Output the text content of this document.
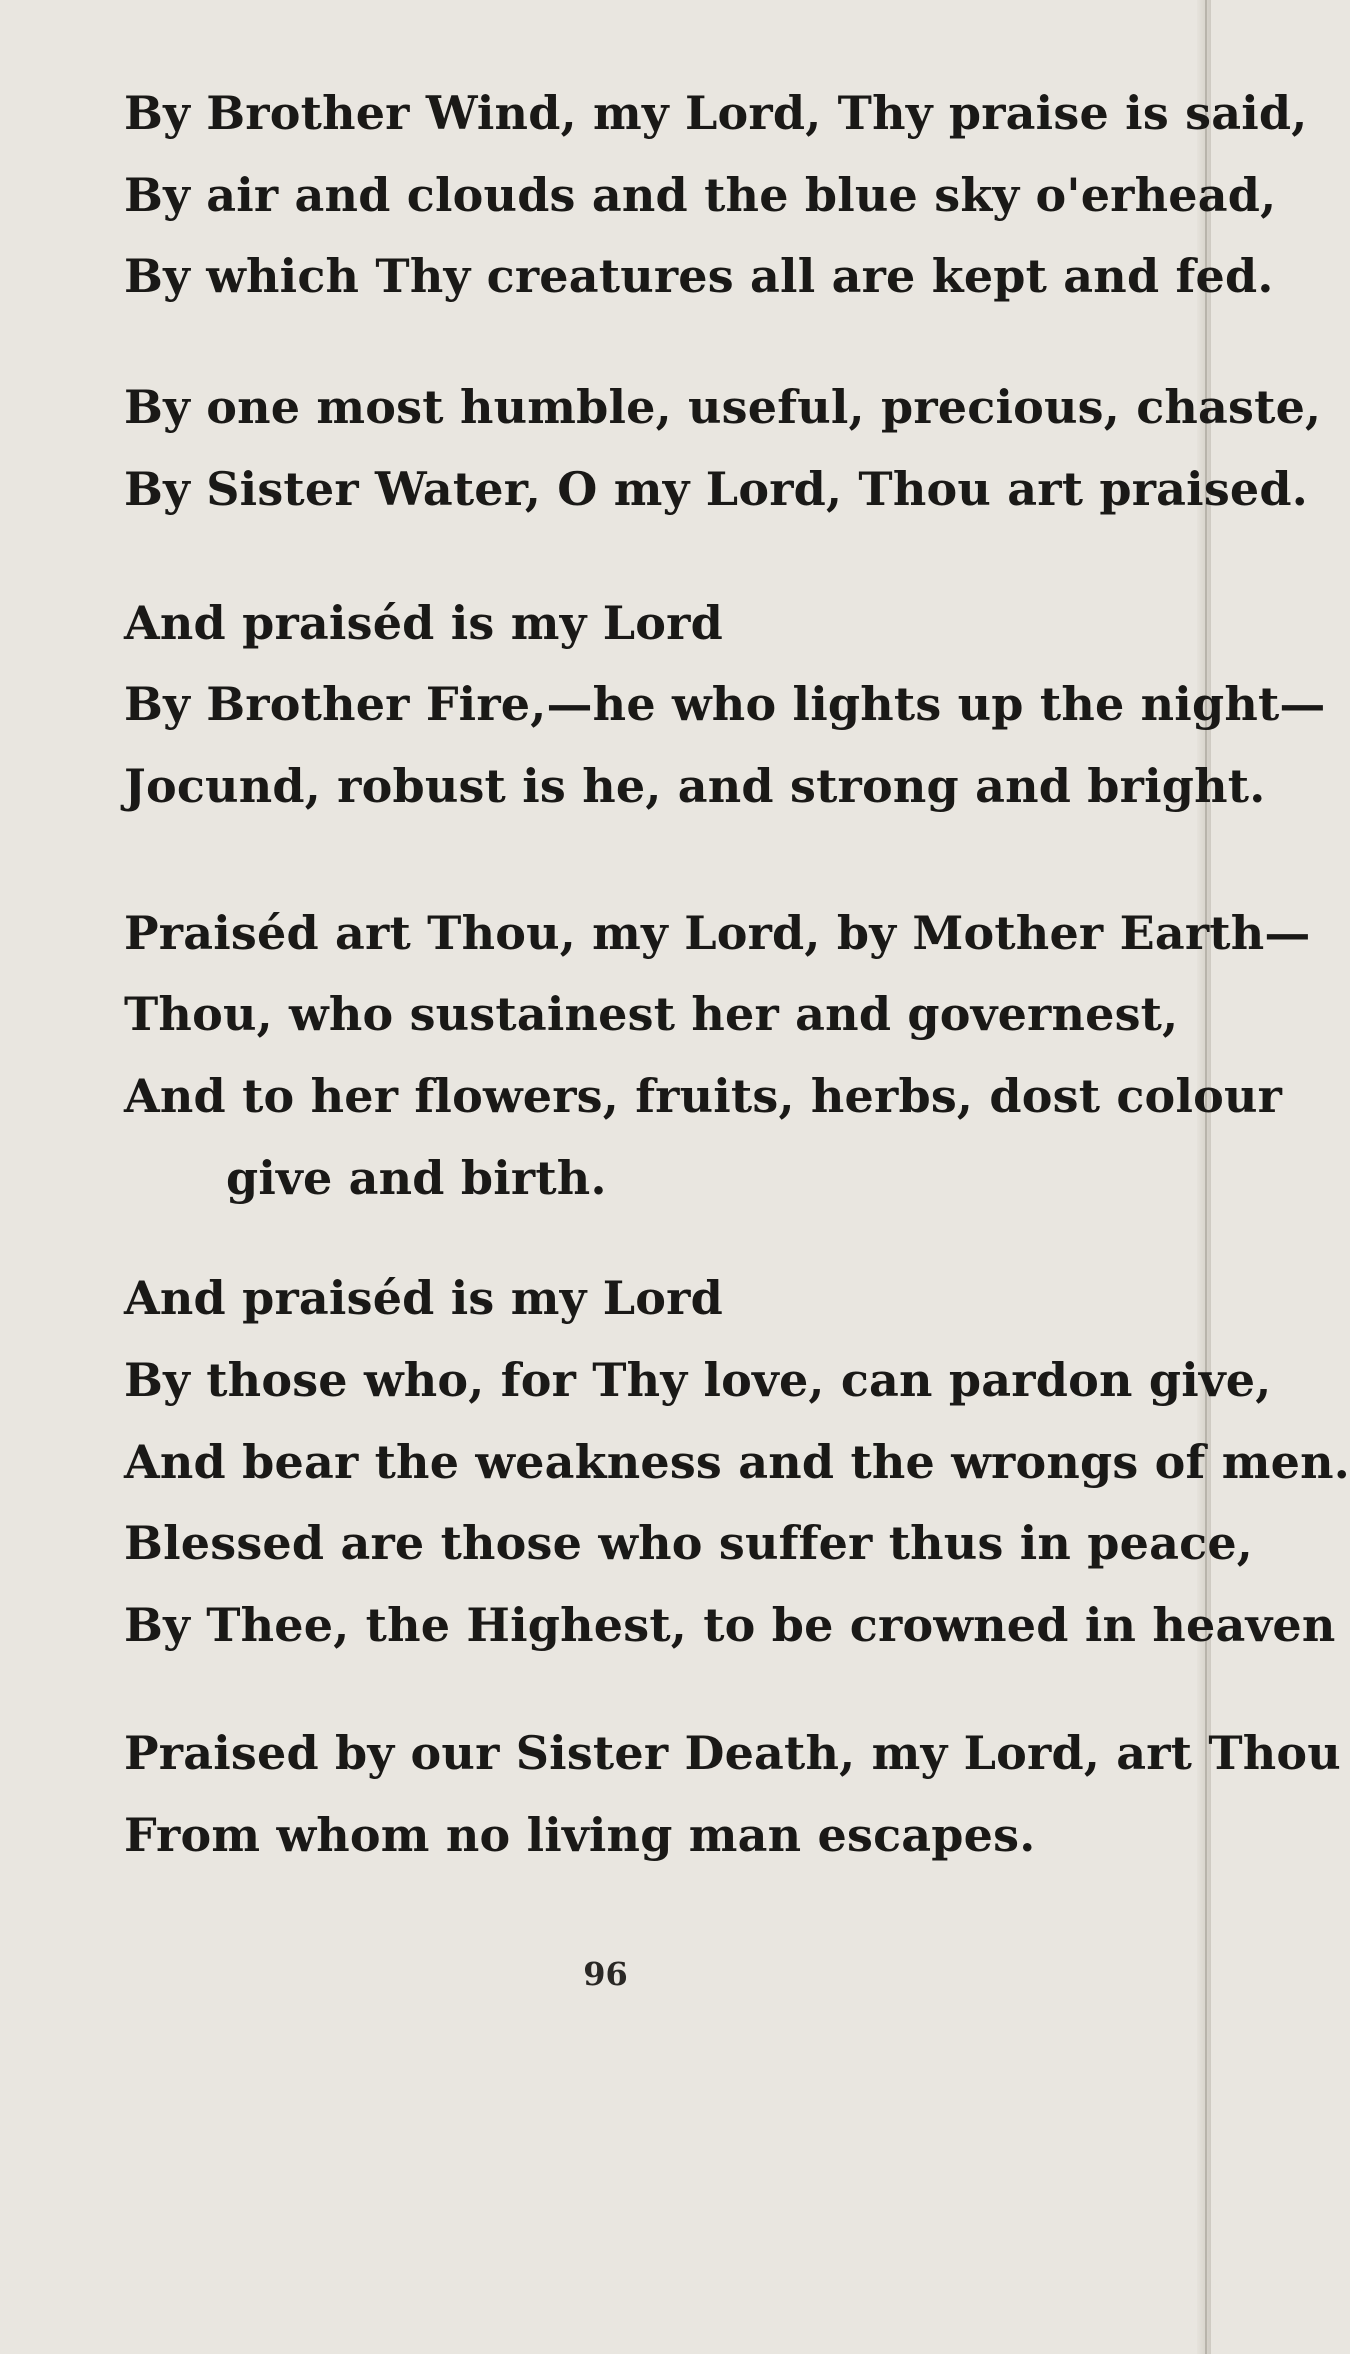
By Brother Wind, my Lord, Thy praise is said,
By air and clouds and the blue sky o'erhead,
By which Thy creatures all are kept and fed.
By one most humble, useful, precious, chaste,
By Sister Water, O my Lord, Thou art praised.
And praiséd is my Lord
By Brother Fire,—he who lights up the night—
Jocund, robust is he, and strong and bright.
Praiséd art Thou, my Lord, by Mother Earth—
Thou, who sustainest her and governest,
And to her flowers, fruits, herbs, dost colour
give and birth.
And praiséd is my Lord
By those who, for Thy love, can pardon give,
And bear the weakness and the wrongs of men.
Blessed are those who suffer thus in peace,
By Thee, the Highest, to be crowned in heaven
Praised by our Sister Death, my Lord, art Thou
From whom no living man escapes.
96
